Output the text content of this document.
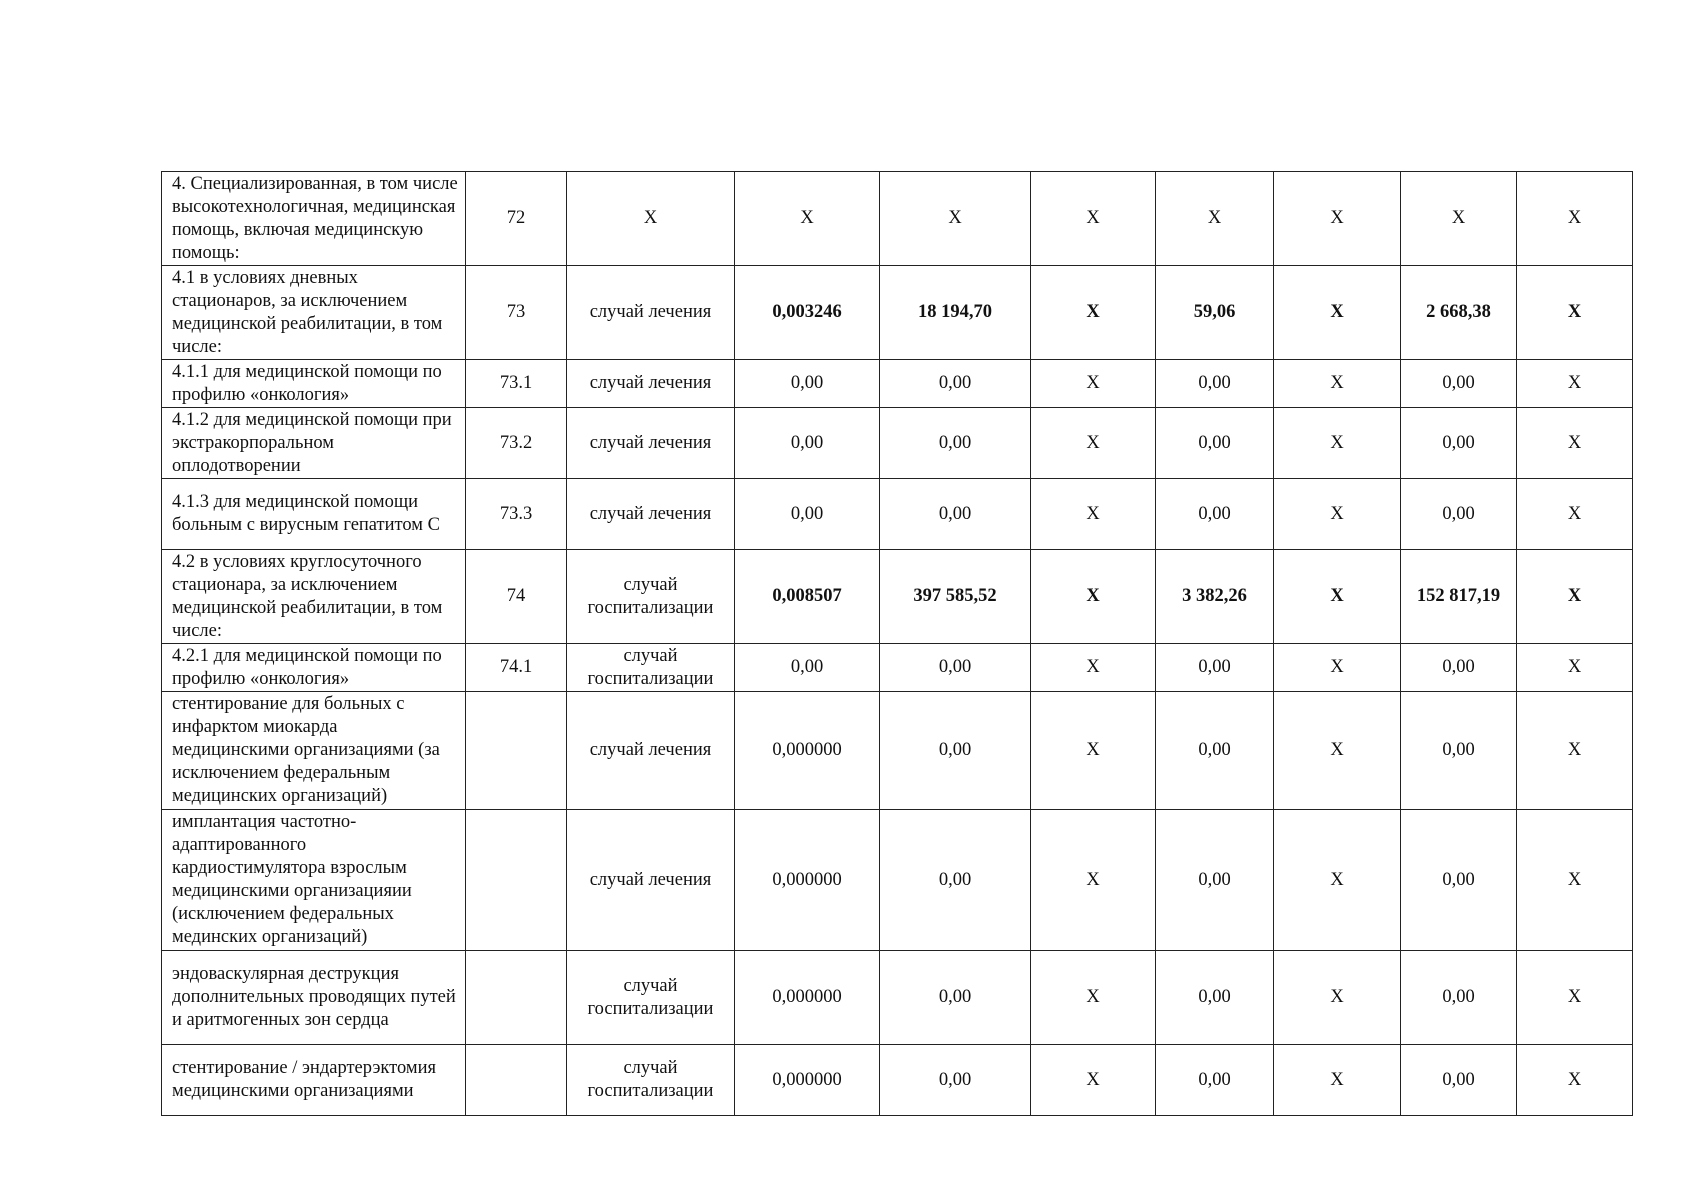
4. Специализированная, в том числе высокотехнологичная, медицинская помощь, включая медицинскую помощь:	72	X	X	X	X	X	X	X	X
4.1 в условиях дневных стационаров, за исключением медицинской реабилитации, в том числе:	73	случай лечения	0,003246	18 194,70	X	59,06	X	2 668,38	X
4.1.1 для медицинской помощи по профилю «онкология»	73.1	случай лечения	0,00	0,00	X	0,00	X	0,00	X
4.1.2 для медицинской помощи при экстракорпоральном оплодотворении	73.2	случай лечения	0,00	0,00	X	0,00	X	0,00	X
4.1.3 для медицинской помощи больным с вирусным гепатитом С	73.3	случай лечения	0,00	0,00	X	0,00	X	0,00	X
4.2 в условиях круглосуточного стационара, за исключением медицинской реабилитации, в том числе:	74	случай госпитализации	0,008507	397 585,52	X	3 382,26	X	152 817,19	X
4.2.1 для медицинской помощи по профилю «онкология»	74.1	случай госпитализации	0,00	0,00	X	0,00	X	0,00	X
стентирование для больных с инфарктом миокарда медицинскими организациями (за исключением федеральным медицинских организаций)		случай лечения	0,000000	0,00	X	0,00	X	0,00	X
имплантация частотно-адаптированного кардиостимулятора взрослым медицинскими организацияии (исключением федеральных мединских организаций)		случай лечения	0,000000	0,00	X	0,00	X	0,00	X
эндоваскулярная деструкция дополнительных проводящих путей и аритмогенных зон сердца		случай госпитализации	0,000000	0,00	X	0,00	X	0,00	X
стентирование / эндартерэктомия медицинскими организациями		случай госпитализации	0,000000	0,00	X	0,00	X	0,00	X
